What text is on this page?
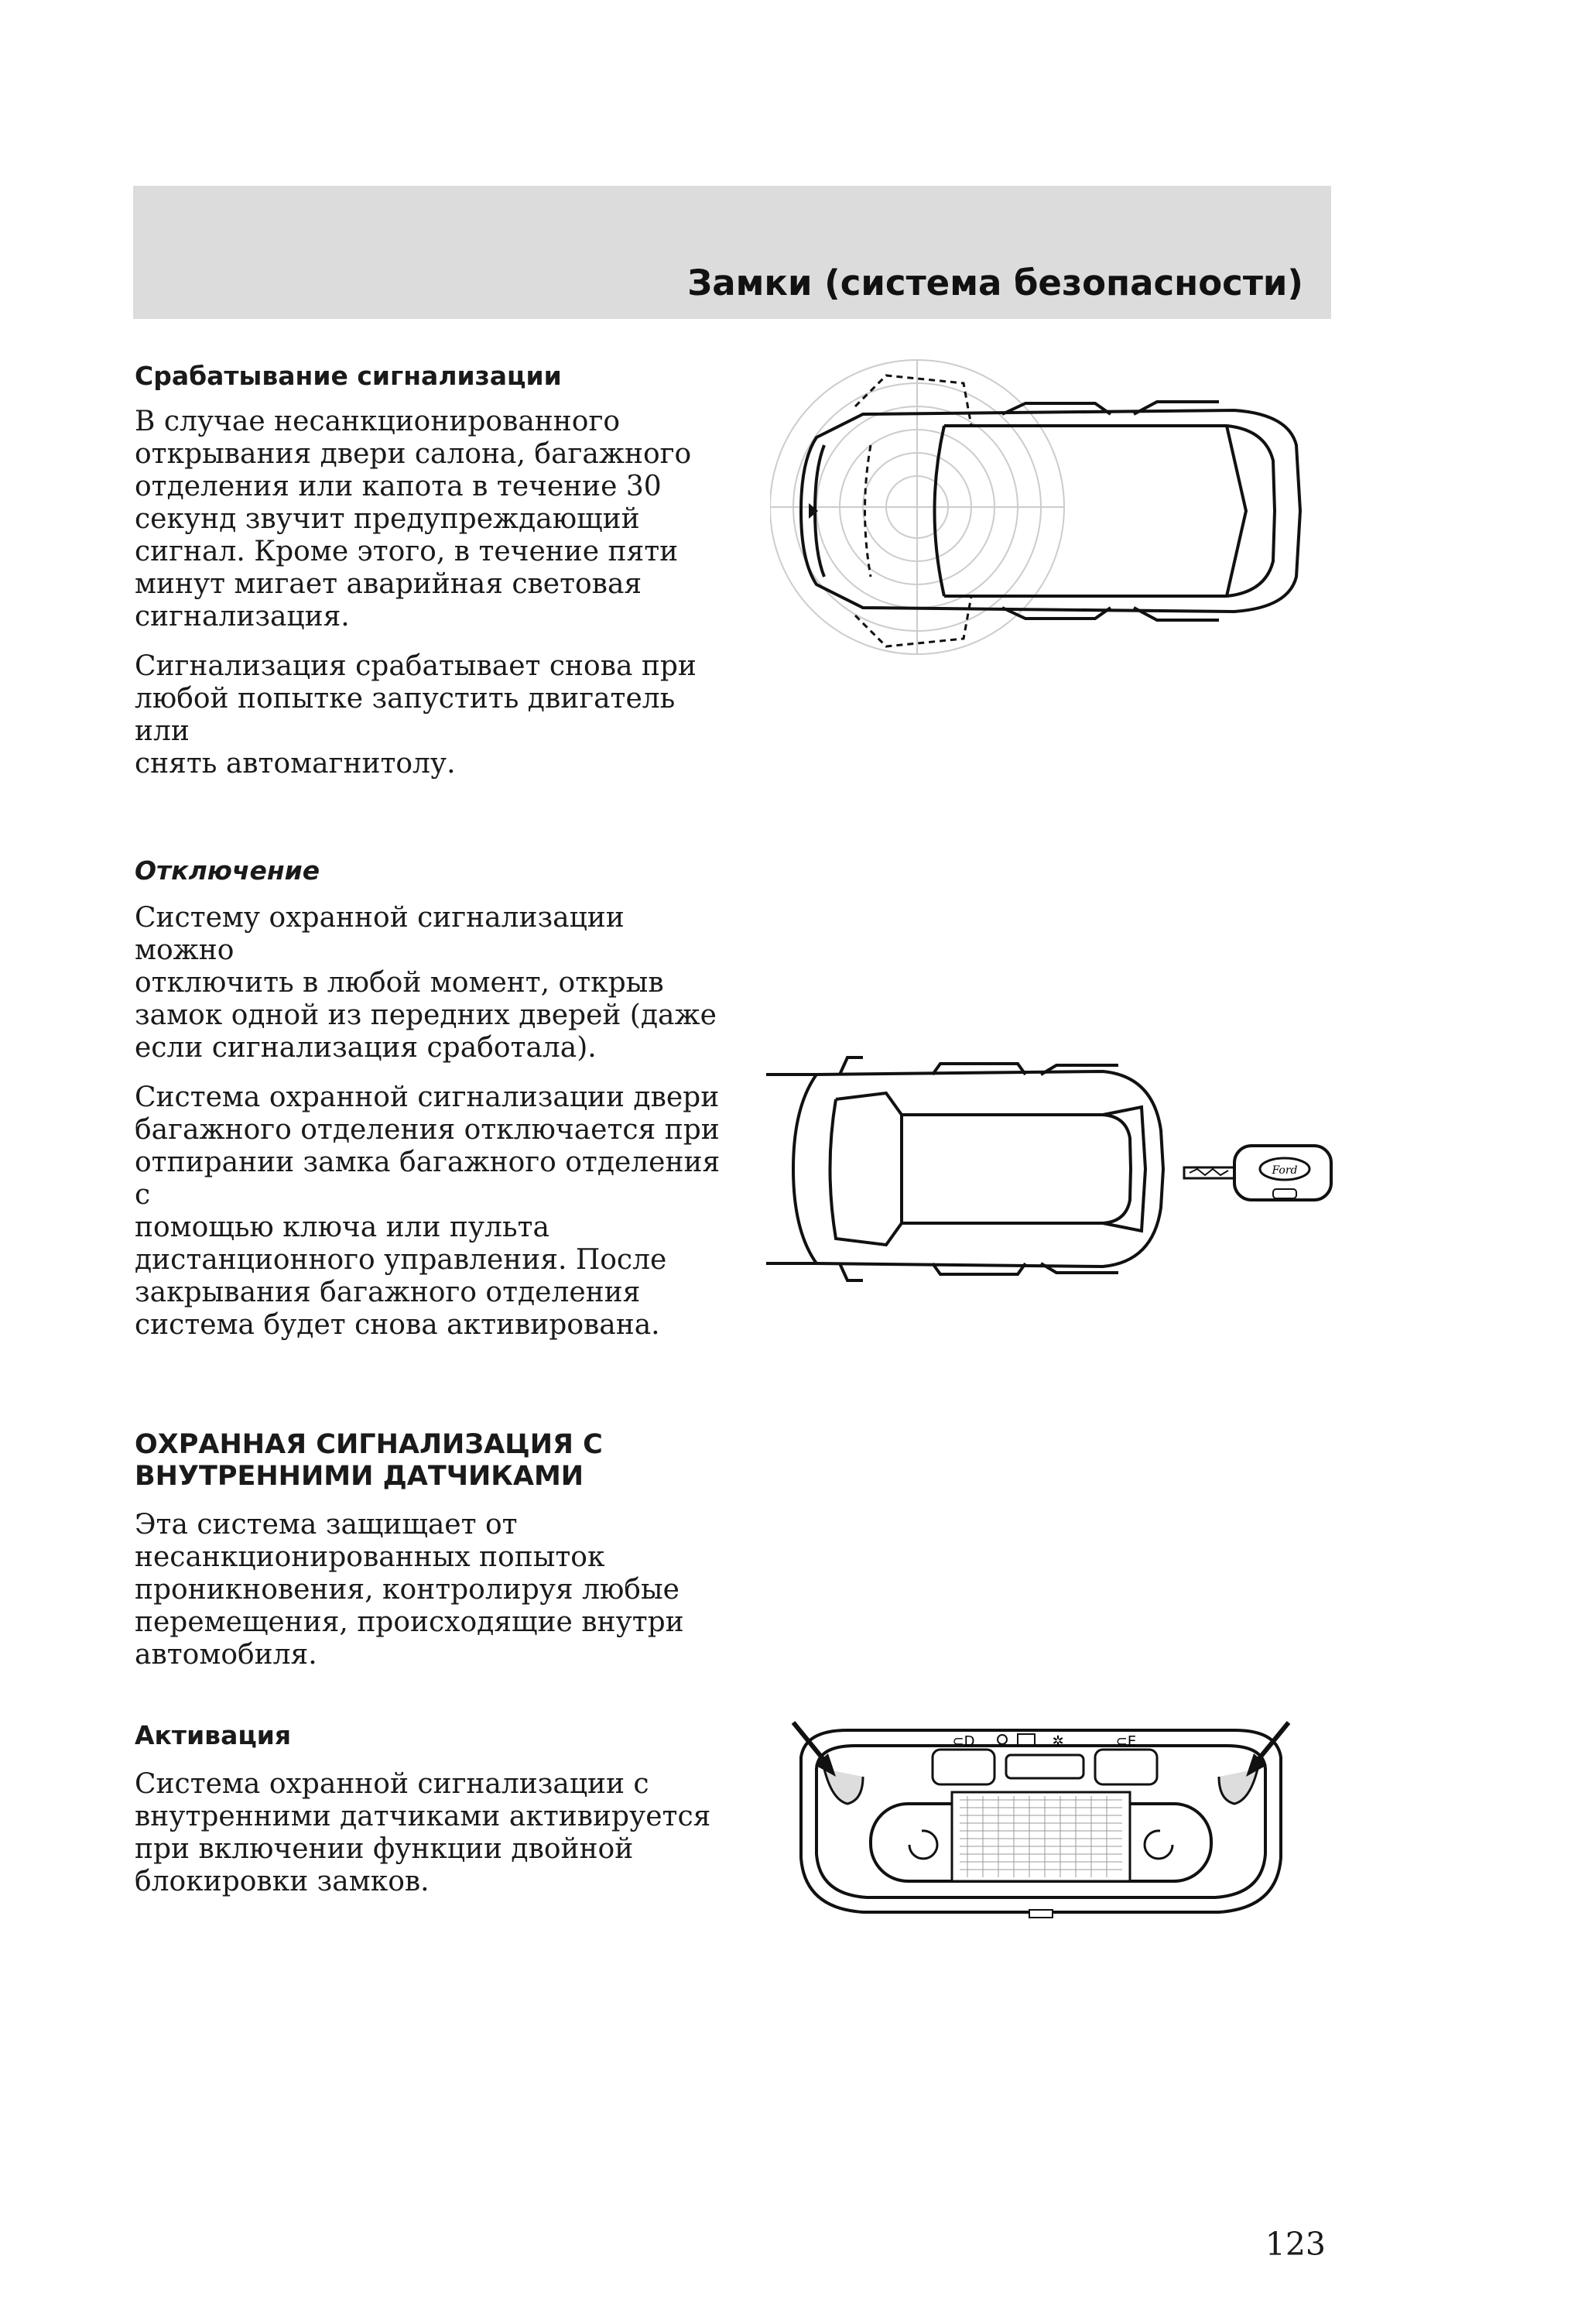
Замки (система безопасности)
Срабатывание сигнализации

В случае несанкционированного
открывания двери салона, багажного
отделения или капота в течение 30
секунд звучит предупреждающий
сигнал. Кроме этого, в течение пяти
минут мигает аварийная световая
сигнализация.

Сигнализация срабатывает снова при
любой попытке запустить двигатель или
снять автомагнитолу.

Отключение

Систему охранной сигнализации можно
отключить в любой момент, открыв
замок одной из передних дверей (даже
если сигнализация сработала).

Система охранной сигнализации двери
багажного отделения отключается при
отпирании замка багажного отделения с
помощью ключа или пульта
дистанционного управления. После
закрывания багажного отделения
система будет снова активирована.

ОХРАННАЯ СИГНАЛИЗАЦИЯ С
ВНУТРЕННИМИ ДАТЧИКАМИ

Эта система защищает от
несанкционированных попыток
проникновения, контролируя любые
перемещения, происходящие внутри
автомобиля.

Активация

Система охранной сигнализации с
внутренними датчиками активируется
при включении функции двойной
блокировки замков.

Ford
⊂D	✲	⊂E
123
